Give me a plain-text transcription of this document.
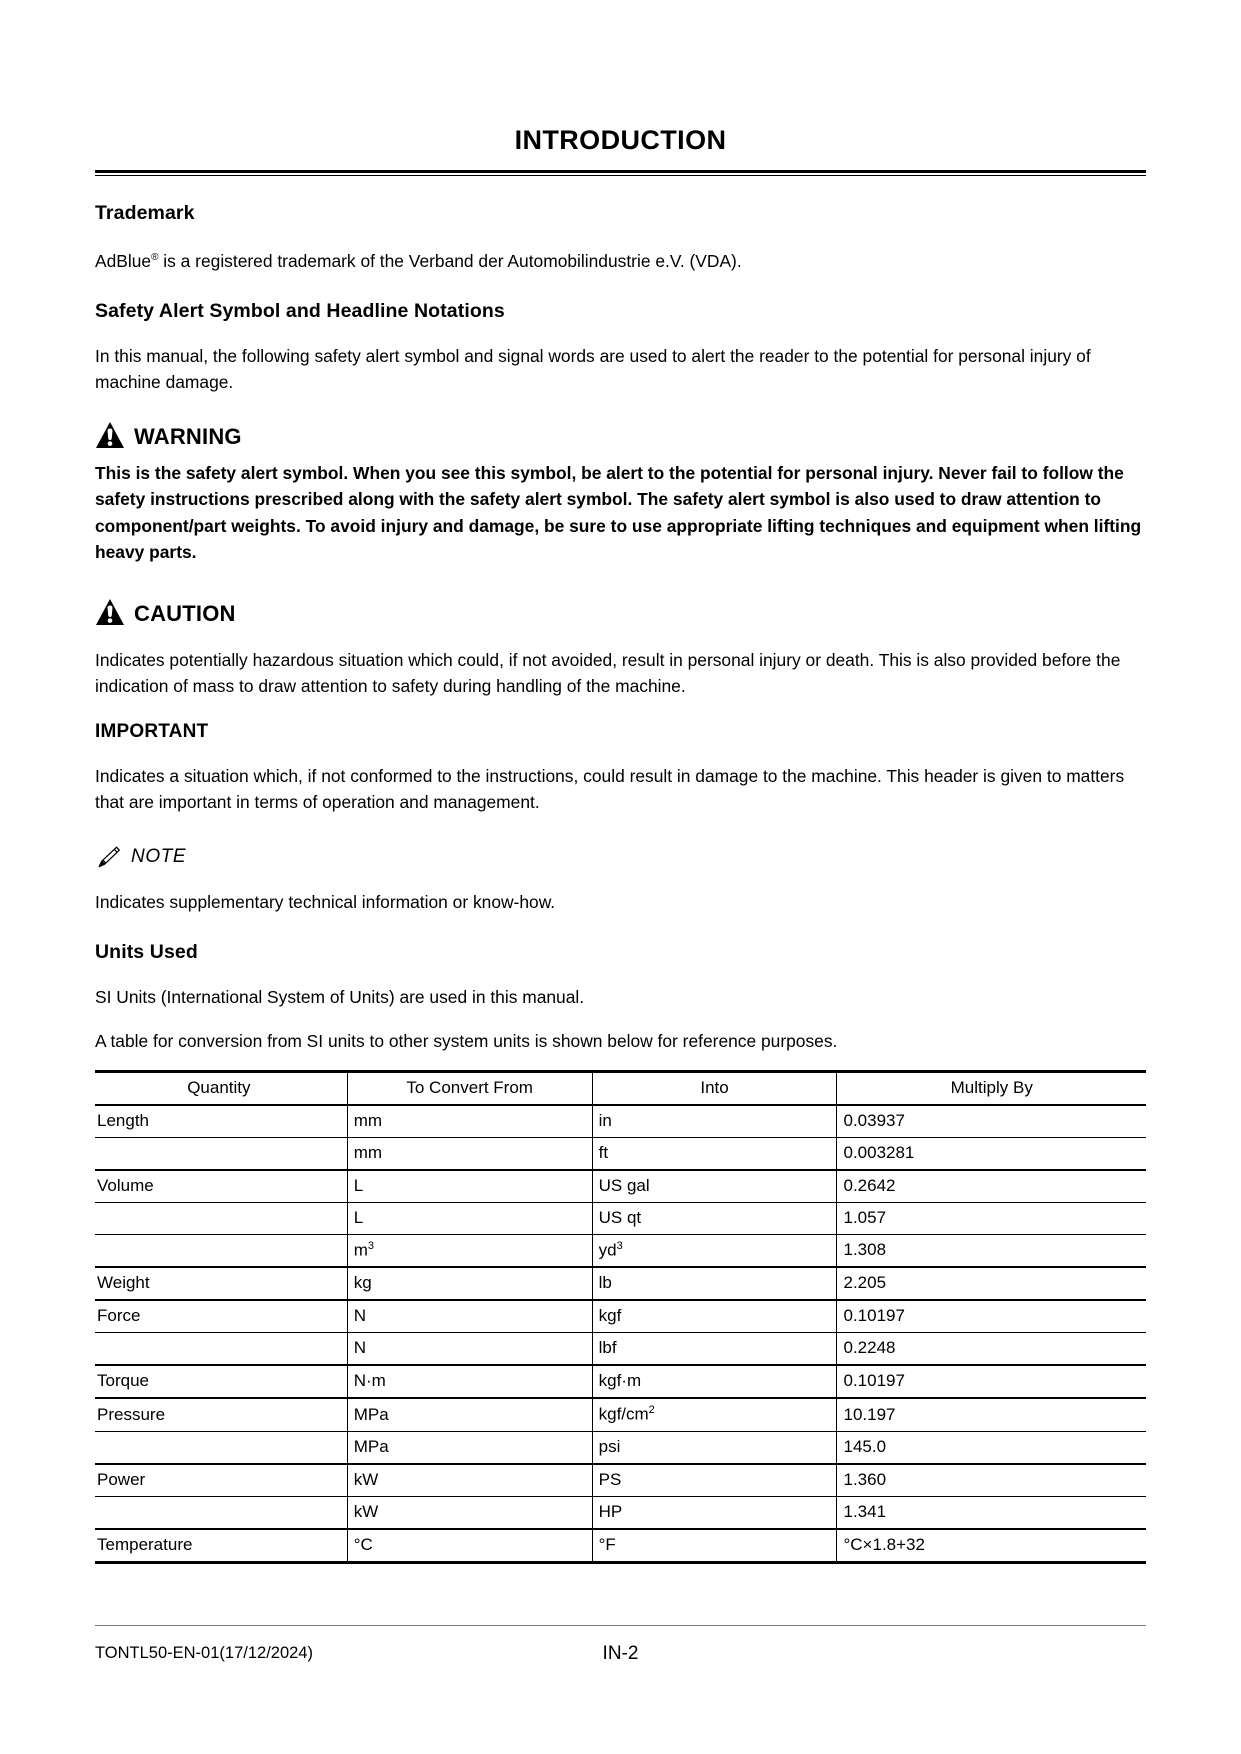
INTRODUCTION
Trademark

AdBlue® is a registered trademark of the Verband der Automobilindustrie e.V. (VDA).

Safety Alert Symbol and Headline Notations

In this manual, the following safety alert symbol and signal words are used to alert the reader to the potential for personal injury of machine damage.

WARNING

This is the safety alert symbol. When you see this symbol, be alert to the potential for personal injury. Never fail to follow the safety instructions prescribed along with the safety alert symbol. The safety alert symbol is also used to draw attention to component/part weights. To avoid injury and damage, be sure to use appropriate lifting techniques and equipment when lifting heavy parts.

CAUTION

Indicates potentially hazardous situation which could, if not avoided, result in personal injury or death. This is also provided before the indication of mass to draw attention to safety during handling of the machine.

IMPORTANT

Indicates a situation which, if not conformed to the instructions, could result in damage to the machine. This header is given to matters that are important in terms of operation and management.

NOTE

Indicates supplementary technical information or know-how.

Units Used

SI Units (International System of Units) are used in this manual.

A table for conversion from SI units to other system units is shown below for reference purposes.

Quantity	To Convert From	Into	Multiply By
Length	mm	in	0.03937
	mm	ft	0.003281
Volume	L	US gal	0.2642
	L	US qt	1.057
	$m^3$	$yd^3$	1.308
Weight	kg	lb	2.205
Force	N	kgf	0.10197
	N	lbf	0.2248
Torque	N·m	kgf·m	0.10197
Pressure	MPa	kgf/$cm^2$	10.197
	MPa	psi	145.0
Power	kW	PS	1.360
	kW	HP	1.341
Temperature	°C	°F	°C×1.8+32
TONTL50-EN-01(17/12/2024)	IN-2
